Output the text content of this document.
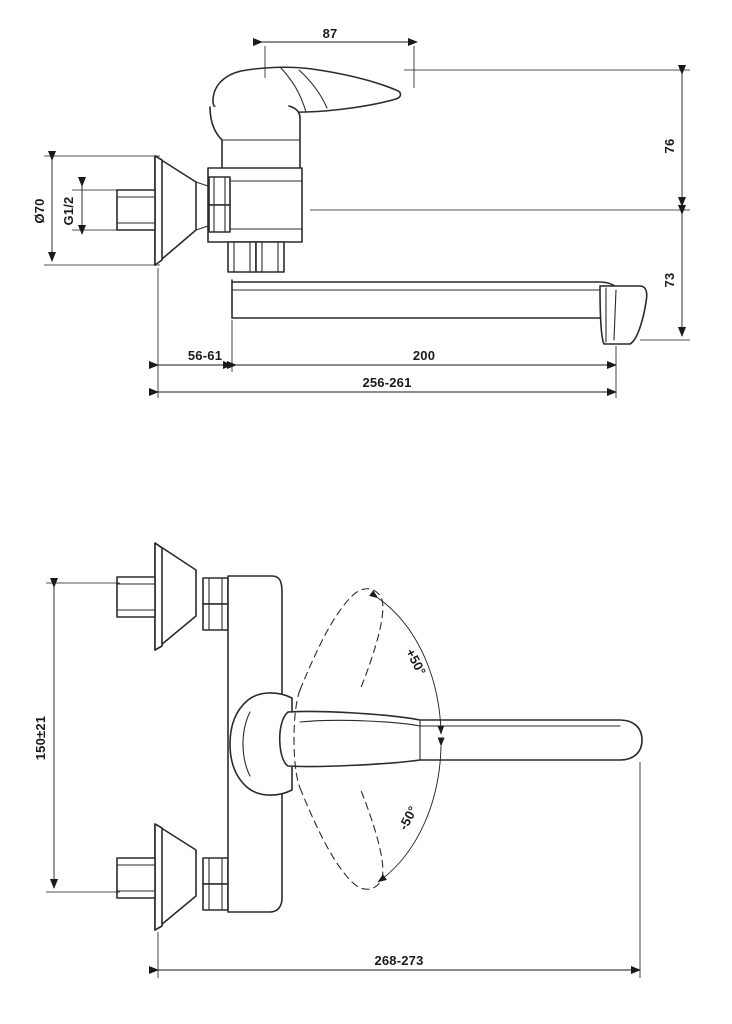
87
76
73
Ø70 G1/2
56-61	200
256-261
+50°
-50°
150±21
268-273
